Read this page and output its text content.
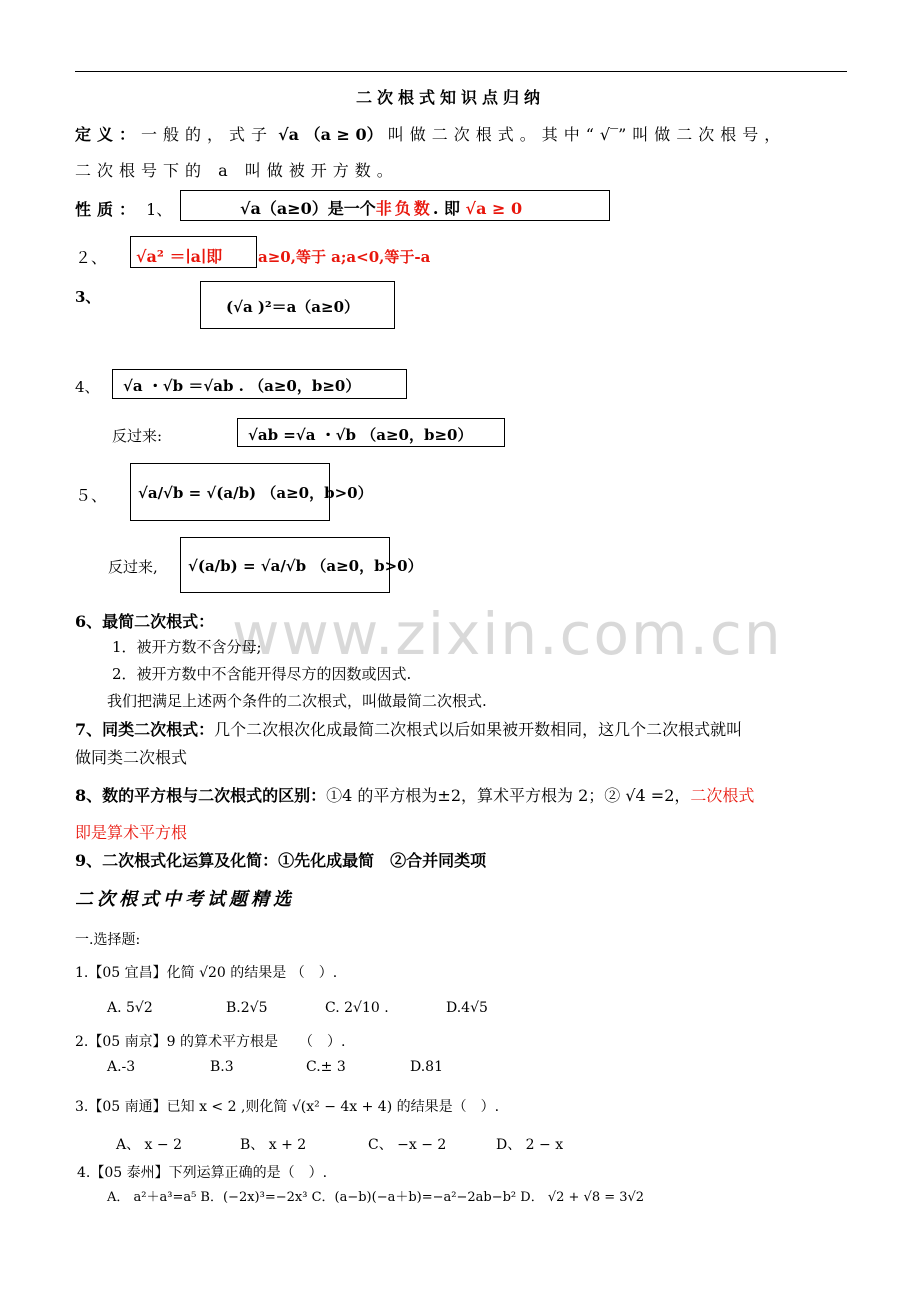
www.zixin.com.cn
二次根式知识点归纳
定义：一般的，式子 √a （a ≥ 0） 叫做二次根式。其中“√‾”叫做二次根号，
二次根号下的 a 叫做被开方数。
性质： 1、	√a（a≥0）是一个非负数. 即 √a ≥ 0
２、 √a² ＝∣a∣即 a≥0,等于 a;a<0,等于-a
3、
(√a )²＝a（a≥0）
4、 √a ・√b ＝√ab . （a≥0，b≥0）
反过来:	√ab =√a ・√b （a≥0，b≥0）
５、 √a/√b = √(a/b) （a≥0，b>0）
反过来, √(a/b) = √a/√b （a≥0，b>0）
6、最简二次根式：
1．被开方数不含分母;
2．被开方数中不含能开得尽方的因数或因式.
我们把满足上述两个条件的二次根式，叫做最简二次根式.
7、同类二次根式：几个二次根次化成最简二次根式以后如果被开数相同，这几个二次根式就叫
做同类二次根式
8、数的平方根与二次根式的区别：①4 的平方根为±2，算术平方根为 2；② √4 =2，二次根式
即是算术平方根
9、二次根式化运算及化简：①先化成最简　②合并同类项
二次根式中考试题精选
一.选择题:
1.【05 宜昌】化简 √20 的结果是 （　）.
A. 5√2	B.2√5	C. 2√10 .	D.4√5
2.【05 南京】9 的算术平方根是　　（　）.
A.-3	B.3	C.± 3	D.81
3.【05 南通】已知 x < 2 ,则化简 √(x² − 4x + 4) 的结果是（　）.
A、 x − 2	B、 x + 2	C、 −x − 2	D、 2 − x
4.【05 泰州】下列运算正确的是（　）.
A． a²＋a³=a⁵ B．(−2x)³=−2x³ C．(a−b)(−a＋b)=−a²−2ab−b² D． √2 + √8 = 3√2
